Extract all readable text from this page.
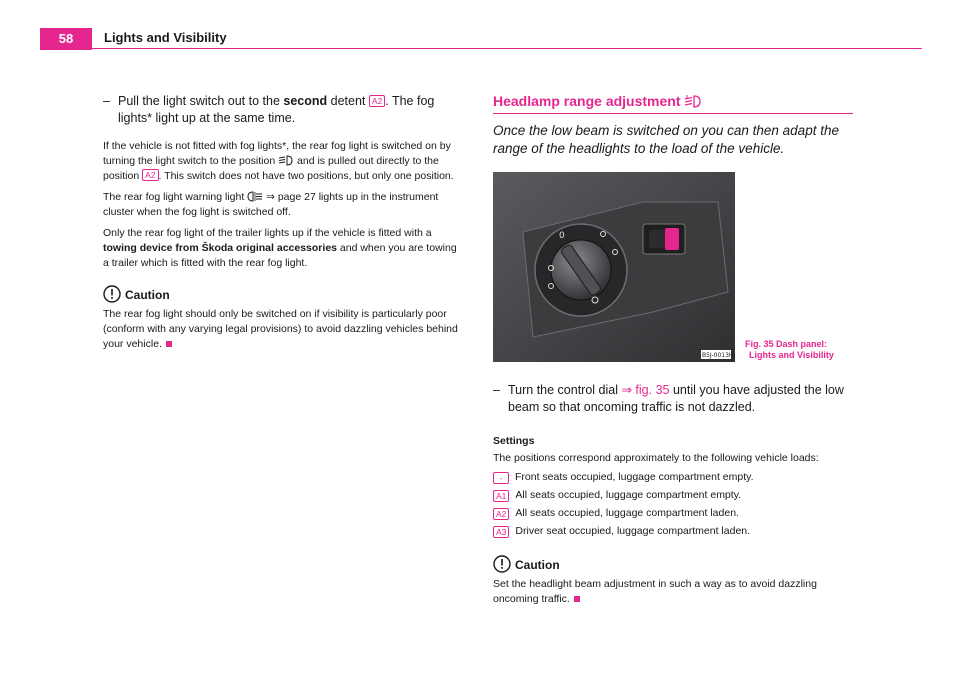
58	Lights and Visibility
– Pull the light switch out to the second detent A2 . The fog lights* light up at the same time.

If the vehicle is not fitted with fog lights*, the rear fog light is switched on by turning the light switch to the position  and is pulled out directly to the position A2 . This switch does not have two positions, but only one position.

The rear fog light warning light  ⇒ page 27 lights up in the instrument cluster when the fog light is switched off.

Only the rear fog light of the trailer lights up if the vehicle is fitted with a towing device from Škoda original accessories and when you are towing a trailer which is fitted with the rear fog light.

Caution

The rear fog light should only be switched on if visibility is particularly poor (conform with any varying legal provisions) to avoid dazzling vehicles behind your vehicle.

Headlamp range adjustment
Once the low beam is switched on you can then adapt the range of the headlights to the load of the vehicle.
0
B5J-0013H
Fig. 35 Dash panel:
Lights and Visibility
– Turn the control dial ⇒ fig. 35 until you have adjusted the low beam so that oncoming traffic is not dazzled.
Settings

The positions correspond approximately to the following vehicle loads:

-	Front seats occupied, luggage compartment empty.
A1 All seats occupied, luggage compartment empty.
A2 All seats occupied, luggage compartment laden.
A3 Driver seat occupied, luggage compartment laden.
Caution

Set the headlight beam adjustment in such a way as to avoid dazzling oncoming traffic.
